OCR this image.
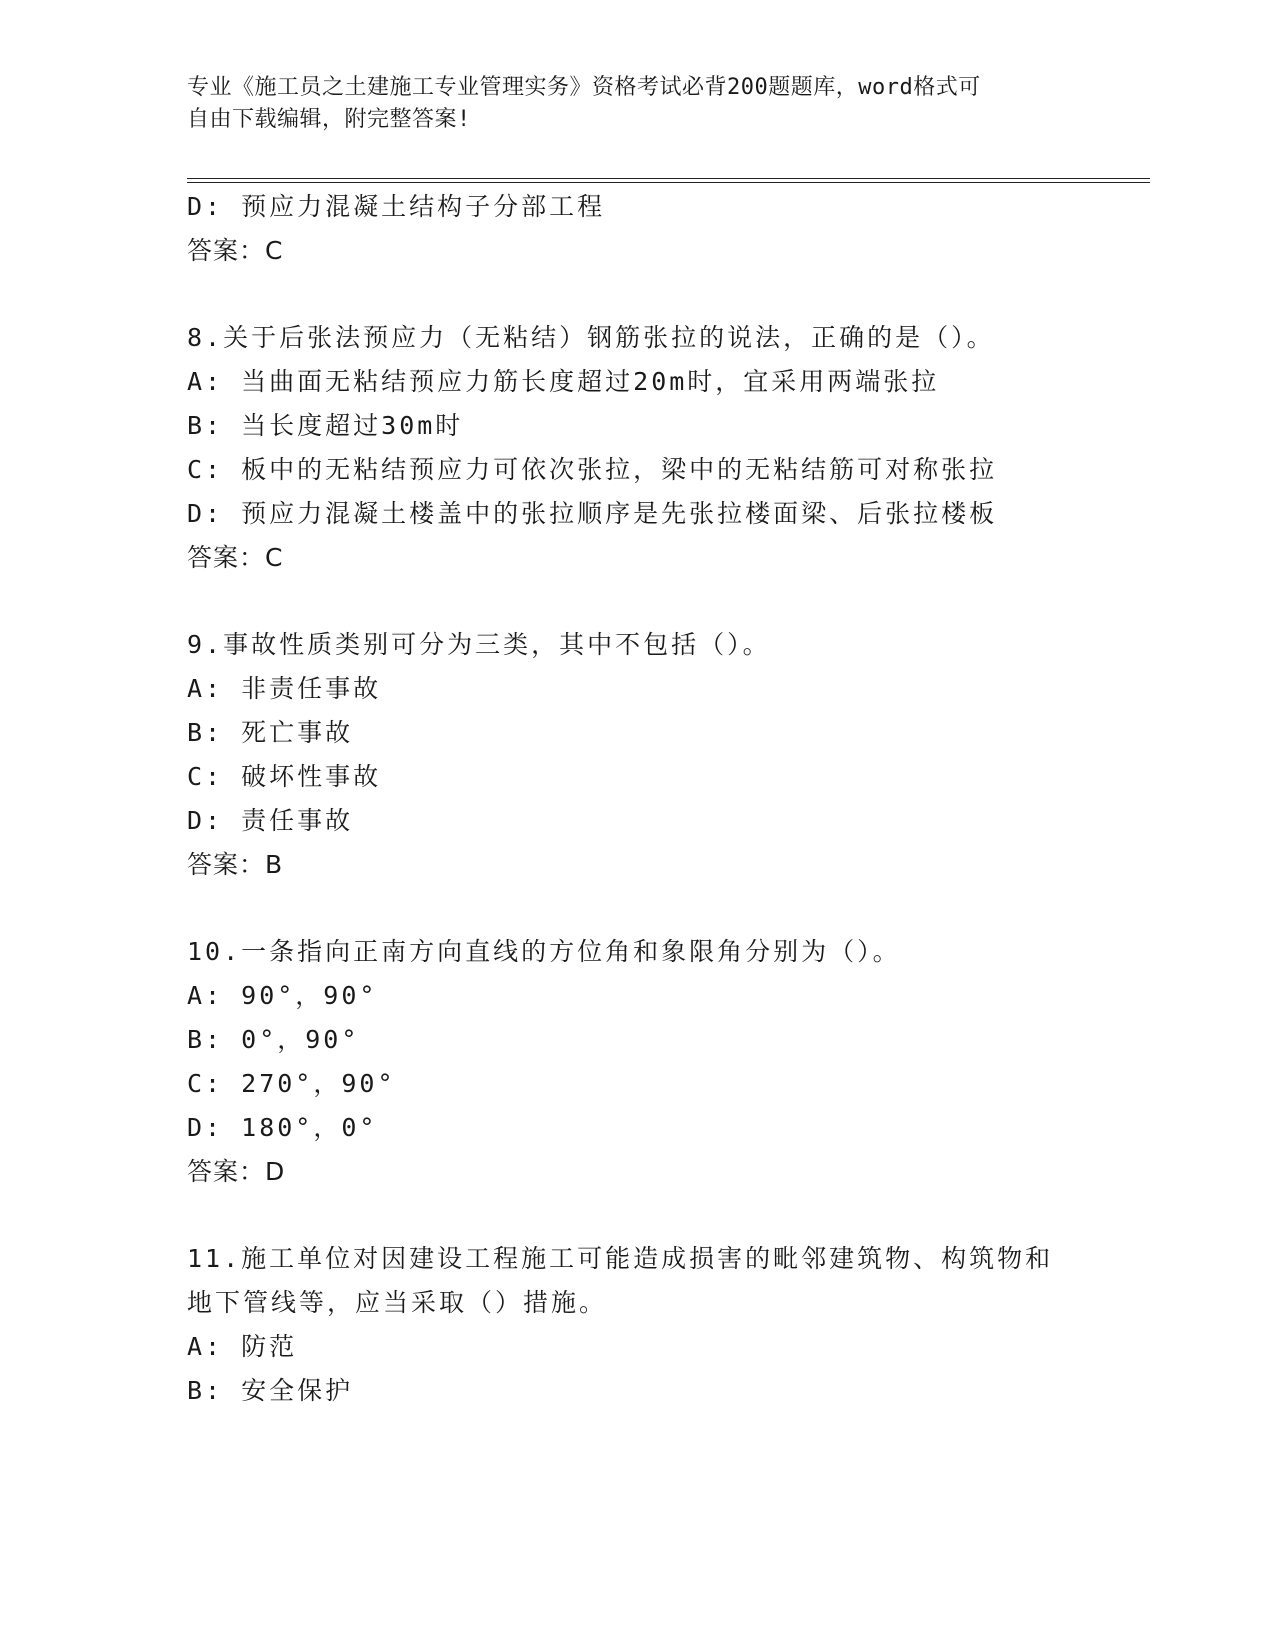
专业《施工员之土建施工专业管理实务》资格考试必背200题题库，word格式可
自由下载编辑，附完整答案!
D: 预应力混凝土结构子分部工程
答案：C
8.关于后张法预应力（无粘结）钢筋张拉的说法，正确的是（）。
A: 当曲面无粘结预应力筋长度超过20m时，宜采用两端张拉
B: 当长度超过30m时
C: 板中的无粘结预应力可依次张拉，梁中的无粘结筋可对称张拉
D: 预应力混凝土楼盖中的张拉顺序是先张拉楼面梁、后张拉楼板
答案：C
9.事故性质类别可分为三类，其中不包括（）。
A: 非责任事故
B: 死亡事故
C: 破坏性事故
D: 责任事故
答案：B
10.一条指向正南方向直线的方位角和象限角分别为（）。
A: 90°，90°
B: 0°，90°
C: 270°，90°
D: 180°，0°
答案：D
11.施工单位对因建设工程施工可能造成损害的毗邻建筑物、构筑物和
地下管线等，应当采取（）措施。
A: 防范
B: 安全保护
